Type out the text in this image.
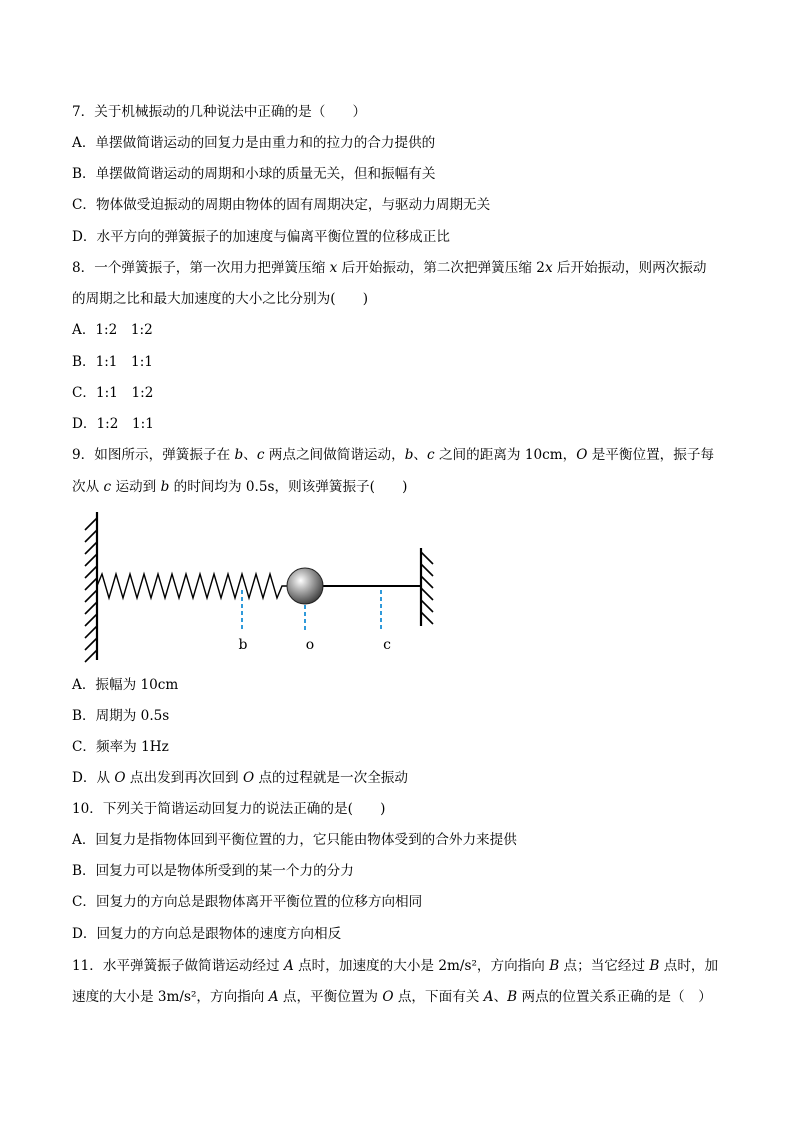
7．关于机械振动的几种说法中正确的是（　　）
A．单摆做简谐运动的回复力是由重力和的拉力的合力提供的
B．单摆做简谐运动的周期和小球的质量无关，但和振幅有关
C．物体做受迫振动的周期由物体的固有周期决定，与驱动力周期无关
D．水平方向的弹簧振子的加速度与偏离平衡位置的位移成正比
8．一个弹簧振子，第一次用力把弹簧压缩 x 后开始振动，第二次把弹簧压缩 2x 后开始振动，则两次振动
的周期之比和最大加速度的大小之比分别为(　　)
A．1:2　1:2
B．1:1　1:1
C．1:1　1:2
D．1:2　1:1
9．如图所示，弹簧振子在 b、c 两点之间做简谐运动，b、c 之间的距离为 10cm，O 是平衡位置，振子每
次从 c 运动到 b 的时间均为 0.5s，则该弹簧振子(　　)
b	o	c
A．振幅为 10cm
B．周期为 0.5s
C．频率为 1Hz
D．从 O 点出发到再次回到 O 点的过程就是一次全振动
10．下列关于简谐运动回复力的说法正确的是(　　)
A．回复力是指物体回到平衡位置的力，它只能由物体受到的合外力来提供
B．回复力可以是物体所受到的某一个力的分力
C．回复力的方向总是跟物体离开平衡位置的位移方向相同
D．回复力的方向总是跟物体的速度方向相反
11．水平弹簧振子做简谐运动经过 A 点时，加速度的大小是 2m/s²，方向指向 B 点；当它经过 B 点时，加
速度的大小是 3m/s²，方向指向 A 点，平衡位置为 O 点，下面有关 A、B 两点的位置关系正确的是（　）
